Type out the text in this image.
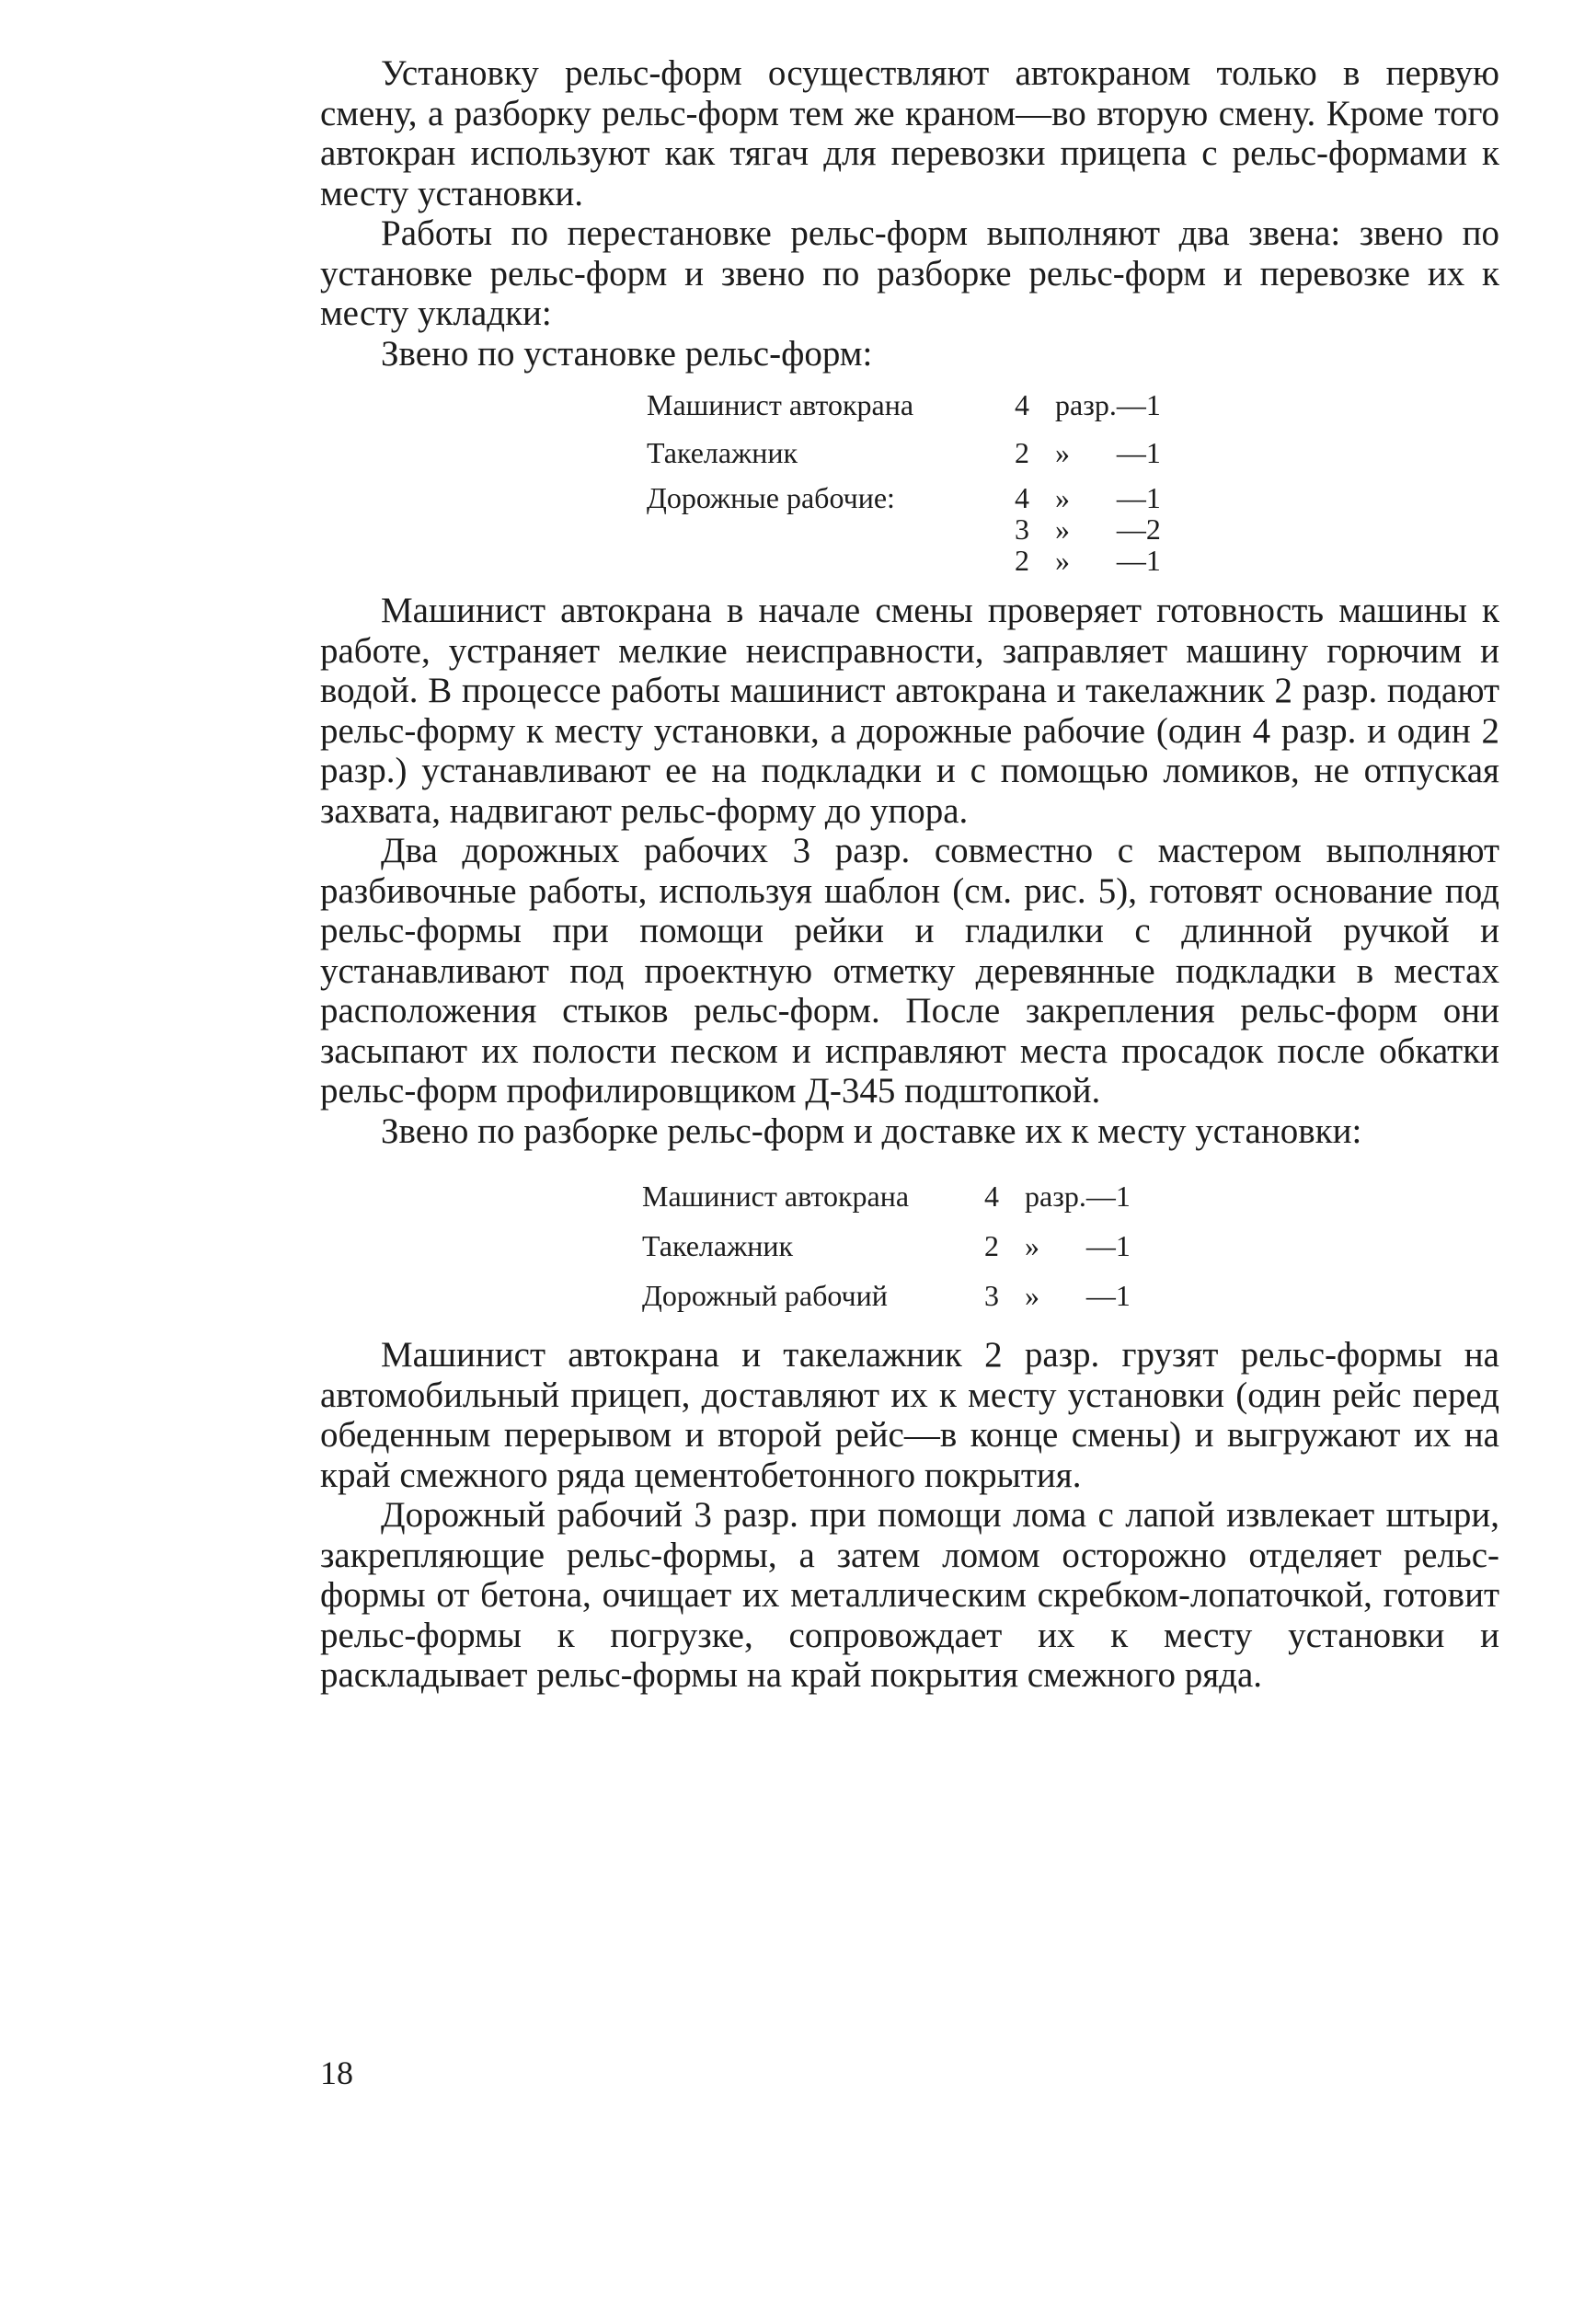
Установку рельс-форм осуществляют автокраном только в первую смену, а разборку рельс-форм тем же краном—во вторую смену. Кроме того автокран используют как тягач для перевозки прицепа с рельс-формами к месту установки.

Работы по перестановке рельс-форм выполняют два звена: звено по установке рельс-форм и звено по разборке рельс-форм и перевозке их к месту укладки:

Звено по установке рельс-форм:

Машинист автокрана	4	разр.	—1
Такелажник	2	»	—1
Дорожные рабочие:	4	»	—1
	3	»	—2
	2	»	—1

Машинист автокрана в начале смены проверяет готовность машины к работе, устраняет мелкие неисправности, заправляет машину горючим и водой. В процессе работы машинист автокрана и такелажник 2 разр. подают рельс-форму к месту установки, а дорожные рабочие (один 4 разр. и один 2 разр.) устанавливают ее на подкладки и с помощью ломиков, не отпуская захвата, надвигают рельс-форму до упора.

Два дорожных рабочих 3 разр. совместно с мастером выполняют разбивочные работы, используя шаблон (см. рис. 5), готовят основание под рельс-формы при помощи рейки и гладилки с длинной ручкой и устанавливают под проектную отметку деревянные подкладки в местах расположения стыков рельс-форм. После закрепления рельс-форм они засыпают их полости песком и исправляют места просадок после обкатки рельс-форм профилировщиком Д-345 подштопкой.

Звено по разборке рельс-форм и доставке их к месту установки:

Машинист автокрана	4	разр.	—1
Такелажник	2	»	—1
Дорожный рабочий	3	»	—1

Машинист автокрана и такелажник 2 разр. грузят рельс-формы на автомобильный прицеп, доставляют их к месту установки (один рейс перед обеденным перерывом и второй рейс—в конце смены) и выгружают их на край смежного ряда цементобетонного покрытия.

Дорожный рабочий 3 разр. при помощи лома с лапой извлекает штыри, закрепляющие рельс-формы, а затем ломом осторожно отделяет рельс-формы от бетона, очищает их металлическим скребком-лопаточкой, готовит рельс-формы к погрузке, сопровождает их к месту установки и раскладывает рельс-формы на край покрытия смежного ряда.

18
